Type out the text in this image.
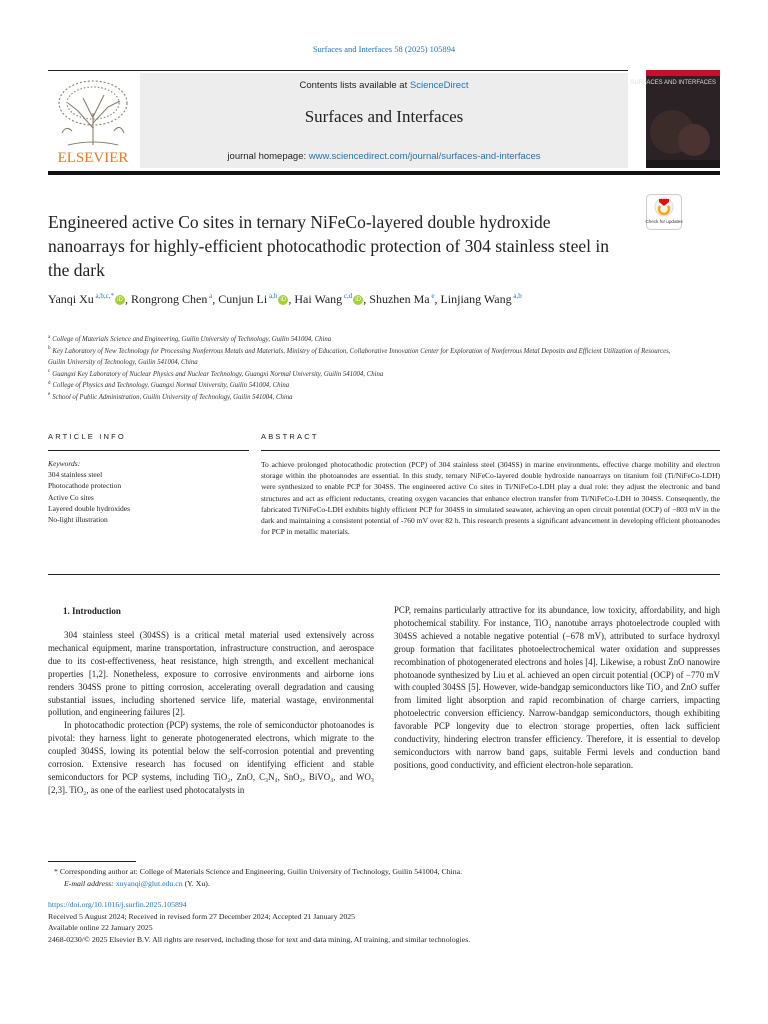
Surfaces and Interfaces 58 (2025) 105894
ELSEVIER
Contents lists available at ScienceDirect
Surfaces and Interfaces
journal homepage: www.sciencedirect.com/journal/surfaces-and-interfaces
SURFACES AND INTERFACES
Check for updates
Engineered active Co sites in ternary NiFeCo-layered double hydroxide nanoarrays for highly-efficient photocathodic protection of 304 stainless steel in the dark
Yanqi Xu $^{a,b,c,*}$iD , Rongrong Chen $^a$, Cunjun Li $^{a,b}$iD , Hai Wang $^{c,d}$iD , Shuzhen Ma $^e$, Linjiang Wang $^{a,b}$
$^a$ College of Materials Science and Engineering, Guilin University of Technology, Guilin 541004, China
$^b$ Key Laboratory of New Technology for Processing Nonferrous Metals and Materials, Ministry of Education, Collaborative Innovation Center for Exploration of Nonferrous Metal Deposits and Efficient Utilization of Resources, Guilin University of Technology, Guilin 541004, China
$^c$ Guangxi Key Laboratory of Nuclear Physics and Nuclear Technology, Guangxi Normal University, Guilin 541004, China
$^d$ College of Physics and Technology, Guangxi Normal University, Guilin 541004, China
$^e$ School of Public Administration, Guilin University of Technology, Guilin 541004, China
ARTICLE INFO	ABSTRACT
Keywords:
304 stainless steel
Photocathode protection
Active Co sites
Layered double hydroxides
No-light illustration
To achieve prolonged photocathodic protection (PCP) of 304 stainless steel (304SS) in marine environments, effective charge mobility and electron storage within the photoanodes are essential. In this study, ternary NiFeCo-layered double hydroxide nanoarrays on titanium foil (Ti/NiFeCo-LDH) were synthesized to enable PCP for 304SS. The engineered active Co sites in Ti/NiFeCo-LDH play a dual role: they adjust the electronic and band structures and act as efficient reductants, creating oxygen vacancies that enhance electron transfer from Ti/NiFeCo-LDH to 304SS. Consequently, the fabricated Ti/NiFeCo-LDH exhibits highly efficient PCP for 304SS in simulated seawater, achieving an open circuit potential (OCP) of −803 mV in the dark and maintaining a consistent potential of -760 mV over 82 h. This research presents a significant advancement in developing efficient photoanodes for PCP in metallic materials.
1. Introduction

304 stainless steel (304SS) is a critical metal material used extensively across mechanical equipment, marine transportation, infrastructure construction, and aerospace due to its cost-effectiveness, heat resistance, high strength, and excellent mechanical properties [1,2]. Nonetheless, exposure to corrosive environments and airborne ions renders 304SS prone to pitting corrosion, accelerating overall degradation and causing substantial issues, including shortened service life, material wastage, environmental pollution, and engineering failures [2].

In photocathodic protection (PCP) systems, the role of semiconductor photoanodes is pivotal: they harness light to generate photogenerated electrons, which migrate to the coupled 304SS, lowing its potential below the self-corrosion potential and preventing corrosion. Extensive research has focused on identifying efficient and stable semiconductors for PCP systems, including TiO₂, ZnO, C₃N₄, SnO₂, BiVO₄, and WO₃ [2,3]. TiO₂, as one of the earliest used photocatalysts in

PCP, remains particularly attractive for its abundance, low toxicity, affordability, and high photochemical stability. For instance, TiO₂ nanotube arrays photoelectrode coupled with 304SS achieved a notable negative potential (−678 mV), attributed to surface hydroxyl group formation that facilitates photoelectrochemical water oxidation and suppresses recombination of photogenerated electrons and holes [4]. Likewise, a robust ZnO nanowire photoanode synthesized by Liu et al. achieved an open circuit potential (OCP) of −770 mV with coupled 304SS [5]. However, wide-bandgap semiconductors like TiO₂ and ZnO suffer from limited light absorption and rapid recombination of charge carriers, impacting photoelectric conversion efficiency. Narrow-bandgap semiconductors, though exhibiting favorable PCP longevity due to electron storage properties, often lack sufficient conductivity, hindering electron transfer efficiency. Therefore, it is essential to develop semiconductors with narrow band gaps, suitable Fermi levels and conduction band positions, good conductivity, and efficient electron-hole separation.

* Corresponding author at: College of Materials Science and Engineering, Guilin University of Technology, Guilin 541004, China.
E-mail address: xuyanqi@glut.edu.cn (Y. Xu).
https://doi.org/10.1016/j.surfin.2025.105894
Received 5 August 2024; Received in revised form 27 December 2024; Accepted 21 January 2025
Available online 22 January 2025
2468-0230/© 2025 Elsevier B.V. All rights are reserved, including those for text and data mining, AI training, and similar technologies.
